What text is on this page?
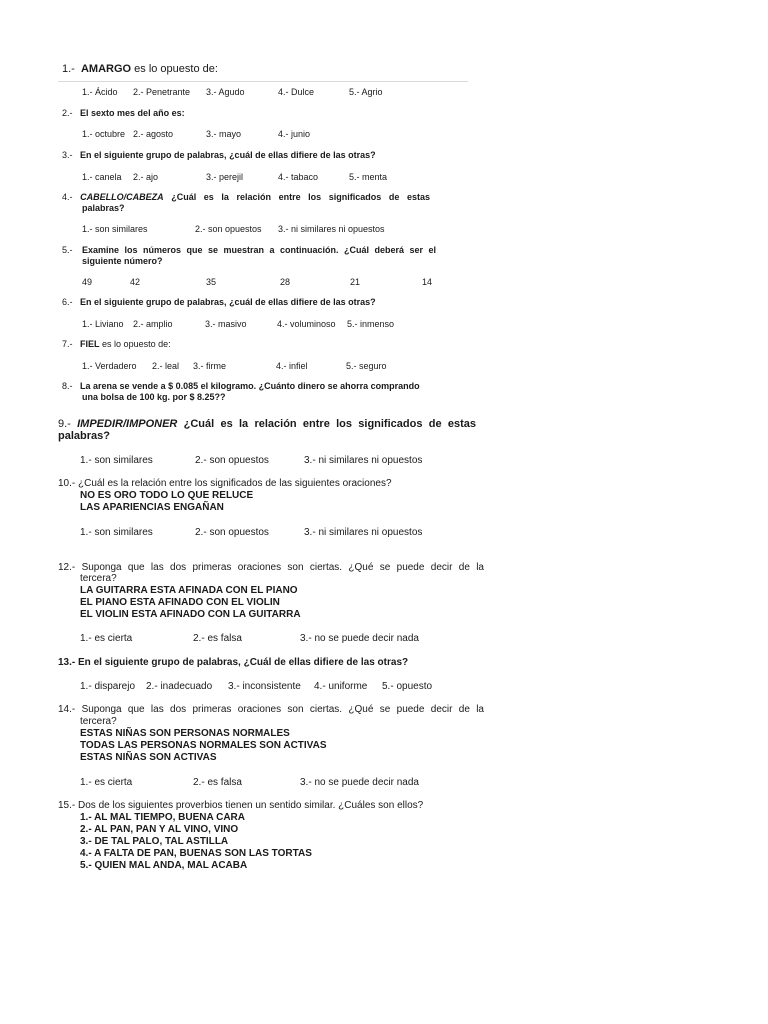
1.- AMARGO es lo opuesto de:
1.- Ácido 2.- Penetrante 3.- Agudo	4.- Dulce	5.- Agrio
2.- El sexto mes del año es:
1.- octubre 2.- agosto	3.- mayo	4.- junio
3.- En el siguiente grupo de palabras, ¿cuál de ellas difiere de las otras?
1.- canela 2.- ajo	3.- perejil	4.- tabaco	5.- menta
4.- CABELLO/CABEZA ¿Cuál es la relación entre los significados de estas
palabras?
1.- son similares	2.- son opuestos 3.- ni similares ni opuestos
5.- Examine los números que se muestran a continuación. ¿Cuál deberá ser el
siguiente número?
49	42	35	28	21	14
6.- En el siguiente grupo de palabras, ¿cuál de ellas difiere de las otras?
1.- Liviano 2.- amplio	3.- masivo	4.- voluminoso 5.- inmenso
7.- FIEL es lo opuesto de:
1.- Verdadero 2.- leal 3.- firme	4.- infiel	5.- seguro
8.- La arena se vende a $ 0.085 el kilogramo. ¿Cuánto dinero se ahorra comprando
una bolsa de 100 kg. por $ 8.25??
9.- IMPEDIR/IMPONER ¿Cuál es la relación entre los significados de estas
palabras?
1.- son similares	2.- son opuestos	3.- ni similares ni opuestos
10.- ¿Cuál es la relación entre los significados de las siguientes oraciones?
NO ES ORO TODO LO QUE RELUCE
LAS APARIENCIAS ENGAÑAN
1.- son similares	2.- son opuestos	3.- ni similares ni opuestos
12.- Suponga que las dos primeras oraciones son ciertas. ¿Qué se puede decir de la
tercera?
LA GUITARRA ESTA AFINADA CON EL PIANO
EL PIANO ESTA AFINADO CON EL VIOLIN
EL VIOLIN ESTA AFINADO CON LA GUITARRA
1.- es cierta	2.- es falsa	3.- no se puede decir nada
13.- En el siguiente grupo de palabras, ¿Cuál de ellas difiere de las otras?
1.- disparejo 2.- inadecuado 3.- inconsistente 4.- uniforme 5.- opuesto
14.- Suponga que las dos primeras oraciones son ciertas. ¿Qué se puede decir de la
tercera?
ESTAS NIÑAS SON PERSONAS NORMALES
TODAS LAS PERSONAS NORMALES SON ACTIVAS
ESTAS NIÑAS SON ACTIVAS
1.- es cierta	2.- es falsa	3.- no se puede decir nada
15.- Dos de los siguientes proverbios tienen un sentido similar. ¿Cuáles son ellos?
1.- AL MAL TIEMPO, BUENA CARA
2.- AL PAN, PAN Y AL VINO, VINO
3.- DE TAL PALO, TAL ASTILLA
4.- A FALTA DE PAN, BUENAS SON LAS TORTAS
5.- QUIEN MAL ANDA, MAL ACABA
